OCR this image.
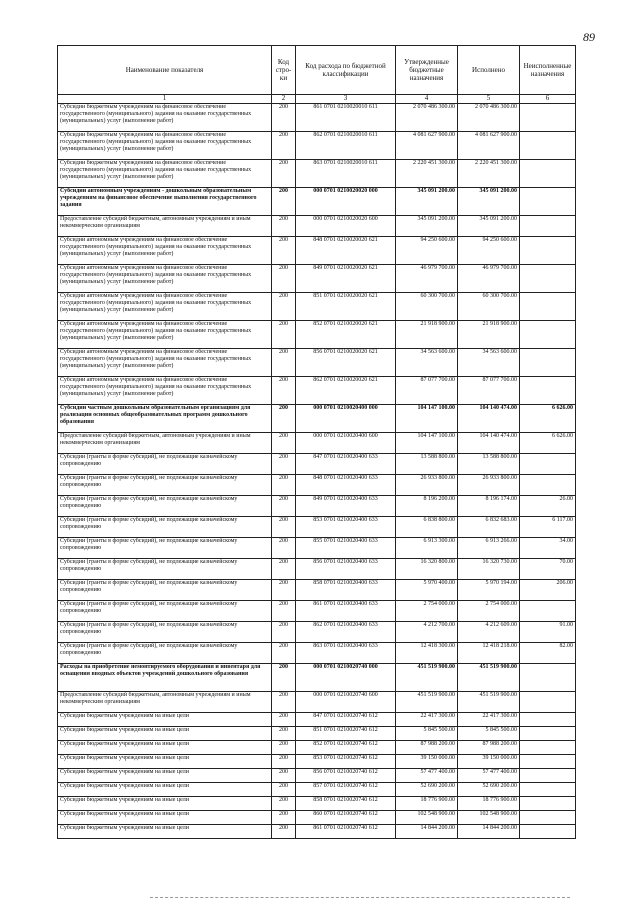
89
Наименование показателя	Код стро-ки	Код расхода по бюджетной классификации	Утвержденные бюджетные назначения	Исполнено	Неисполненные назначения
1	2	3	4	5	6
Субсидии бюджетным учреждениям на финансовое обеспечение государственного (муниципального) задания на оказание государственных (муниципальных) услуг (выполнение работ)	200	861 0701 0210020010 611	2 070 486 300.00	2 070 486 300.00	
Субсидии бюджетным учреждениям на финансовое обеспечение государственного (муниципального) задания на оказание государственных (муниципальных) услуг (выполнение работ)	200	862 0701 0210020010 611	4 081 627 900.00	4 081 627 900.00	
Субсидии бюджетным учреждениям на финансовое обеспечение государственного (муниципального) задания на оказание государственных (муниципальных) услуг (выполнение работ)	200	863 0701 0210020010 611	2 220 451 300.00	2 220 451 300.00	
Субсидии автономным учреждениям - дошкольным образовательным учреждениям на финансовое обеспечение выполнения государственного задания	200	000 0701 0210020020 000	345 091 200.00	345 091 200.00	
Предоставление субсидий бюджетным, автономным учреждениям и иным некоммерческим организациям	200	000 0701 0210020020 600	345 091 200.00	345 091 200.00	
Субсидии автономным учреждениям на финансовое обеспечение государственного (муниципального) задания на оказание государственных (муниципальных) услуг (выполнение работ)	200	848 0701 0210020020 621	94 250 600.00	94 250 600.00	
Субсидии автономным учреждениям на финансовое обеспечение государственного (муниципального) задания на оказание государственных (муниципальных) услуг (выполнение работ)	200	849 0701 0210020020 621	46 979 700.00	46 979 700.00	
Субсидии автономным учреждениям на финансовое обеспечение государственного (муниципального) задания на оказание государственных (муниципальных) услуг (выполнение работ)	200	851 0701 0210020020 621	60 300 700.00	60 300 700.00	
Субсидии автономным учреждениям на финансовое обеспечение государственного (муниципального) задания на оказание государственных (муниципальных) услуг (выполнение работ)	200	852 0701 0210020020 621	21 918 900.00	21 918 900.00	
Субсидии автономным учреждениям на финансовое обеспечение государственного (муниципального) задания на оказание государственных (муниципальных) услуг (выполнение работ)	200	856 0701 0210020020 621	34 563 600.00	34 563 600.00	
Субсидии автономным учреждениям на финансовое обеспечение государственного (муниципального) задания на оказание государственных (муниципальных) услуг (выполнение работ)	200	862 0701 0210020020 621	87 077 700.00	87 077 700.00	
Субсидии частным дошкольным образовательным организациям для реализации основных общеобразовательных программ дошкольного образования	200	000 0701 0210020400 000	104 147 100.00	104 140 474.00	6 626.00
Предоставление субсидий бюджетным, автономным учреждениям и иным некоммерческим организациям	200	000 0701 0210020400 600	104 147 100.00	104 140 474.00	6 626.00
Субсидии (гранты в форме субсидий), не подлежащие казначейскому сопровождению	200	847 0701 0210020400 633	13 588 800.00	13 588 800.00	
Субсидии (гранты в форме субсидий), не подлежащие казначейскому сопровождению	200	848 0701 0210020400 633	26 933 800.00	26 933 800.00	
Субсидии (гранты в форме субсидий), не подлежащие казначейскому сопровождению	200	849 0701 0210020400 633	8 196 200.00	8 196 174.00	26.00
Субсидии (гранты в форме субсидий), не подлежащие казначейскому сопровождению	200	853 0701 0210020400 633	6 838 800.00	6 832 683.00	6 117.00
Субсидии (гранты в форме субсидий), не подлежащие казначейскому сопровождению	200	855 0701 0210020400 633	6 913 300.00	6 913 266.00	34.00
Субсидии (гранты в форме субсидий), не подлежащие казначейскому сопровождению	200	856 0701 0210020400 633	16 320 800.00	16 320 730.00	70.00
Субсидии (гранты в форме субсидий), не подлежащие казначейскому сопровождению	200	858 0701 0210020400 633	5 970 400.00	5 970 194.00	206.00
Субсидии (гранты в форме субсидий), не подлежащие казначейскому сопровождению	200	861 0701 0210020400 633	2 754 000.00	2 754 000.00	
Субсидии (гранты в форме субсидий), не подлежащие казначейскому сопровождению	200	862 0701 0210020400 633	4 212 700.00	4 212 609.00	91.00
Субсидии (гранты в форме субсидий), не подлежащие казначейскому сопровождению	200	863 0701 0210020400 633	12 418 300.00	12 418 218.00	82.00
Расходы на приобретение немонтируемого оборудования и инвентаря для оснащения вводных объектов учреждений дошкольного образования	200	000 0701 0210020740 000	451 519 900.00	451 519 900.00	
Предоставление субсидий бюджетным, автономным учреждениям и иным некоммерческим организациям	200	000 0701 0210020740 600	451 519 900.00	451 519 900.00	
Субсидии бюджетным учреждениям на иные цели	200	847 0701 0210020740 612	22 417 300.00	22 417 300.00	
Субсидии бюджетным учреждениям на иные цели	200	851 0701 0210020740 612	5 845 500.00	5 845 500.00	
Субсидии бюджетным учреждениям на иные цели	200	852 0701 0210020740 612	87 988 200.00	87 988 200.00	
Субсидии бюджетным учреждениям на иные цели	200	853 0701 0210020740 612	39 150 000.00	39 150 000.00	
Субсидии бюджетным учреждениям на иные цели	200	856 0701 0210020740 612	57 477 400.00	57 477 400.00	
Субсидии бюджетным учреждениям на иные цели	200	857 0701 0210020740 612	52 690 200.00	52 690 200.00	
Субсидии бюджетным учреждениям на иные цели	200	858 0701 0210020740 612	18 776 900.00	18 776 900.00	
Субсидии бюджетным учреждениям на иные цели	200	860 0701 0210020740 612	102 548 900.00	102 548 900.00	
Субсидии бюджетным учреждениям на иные цели	200	861 0701 0210020740 612	14 844 200.00	14 844 200.00	
